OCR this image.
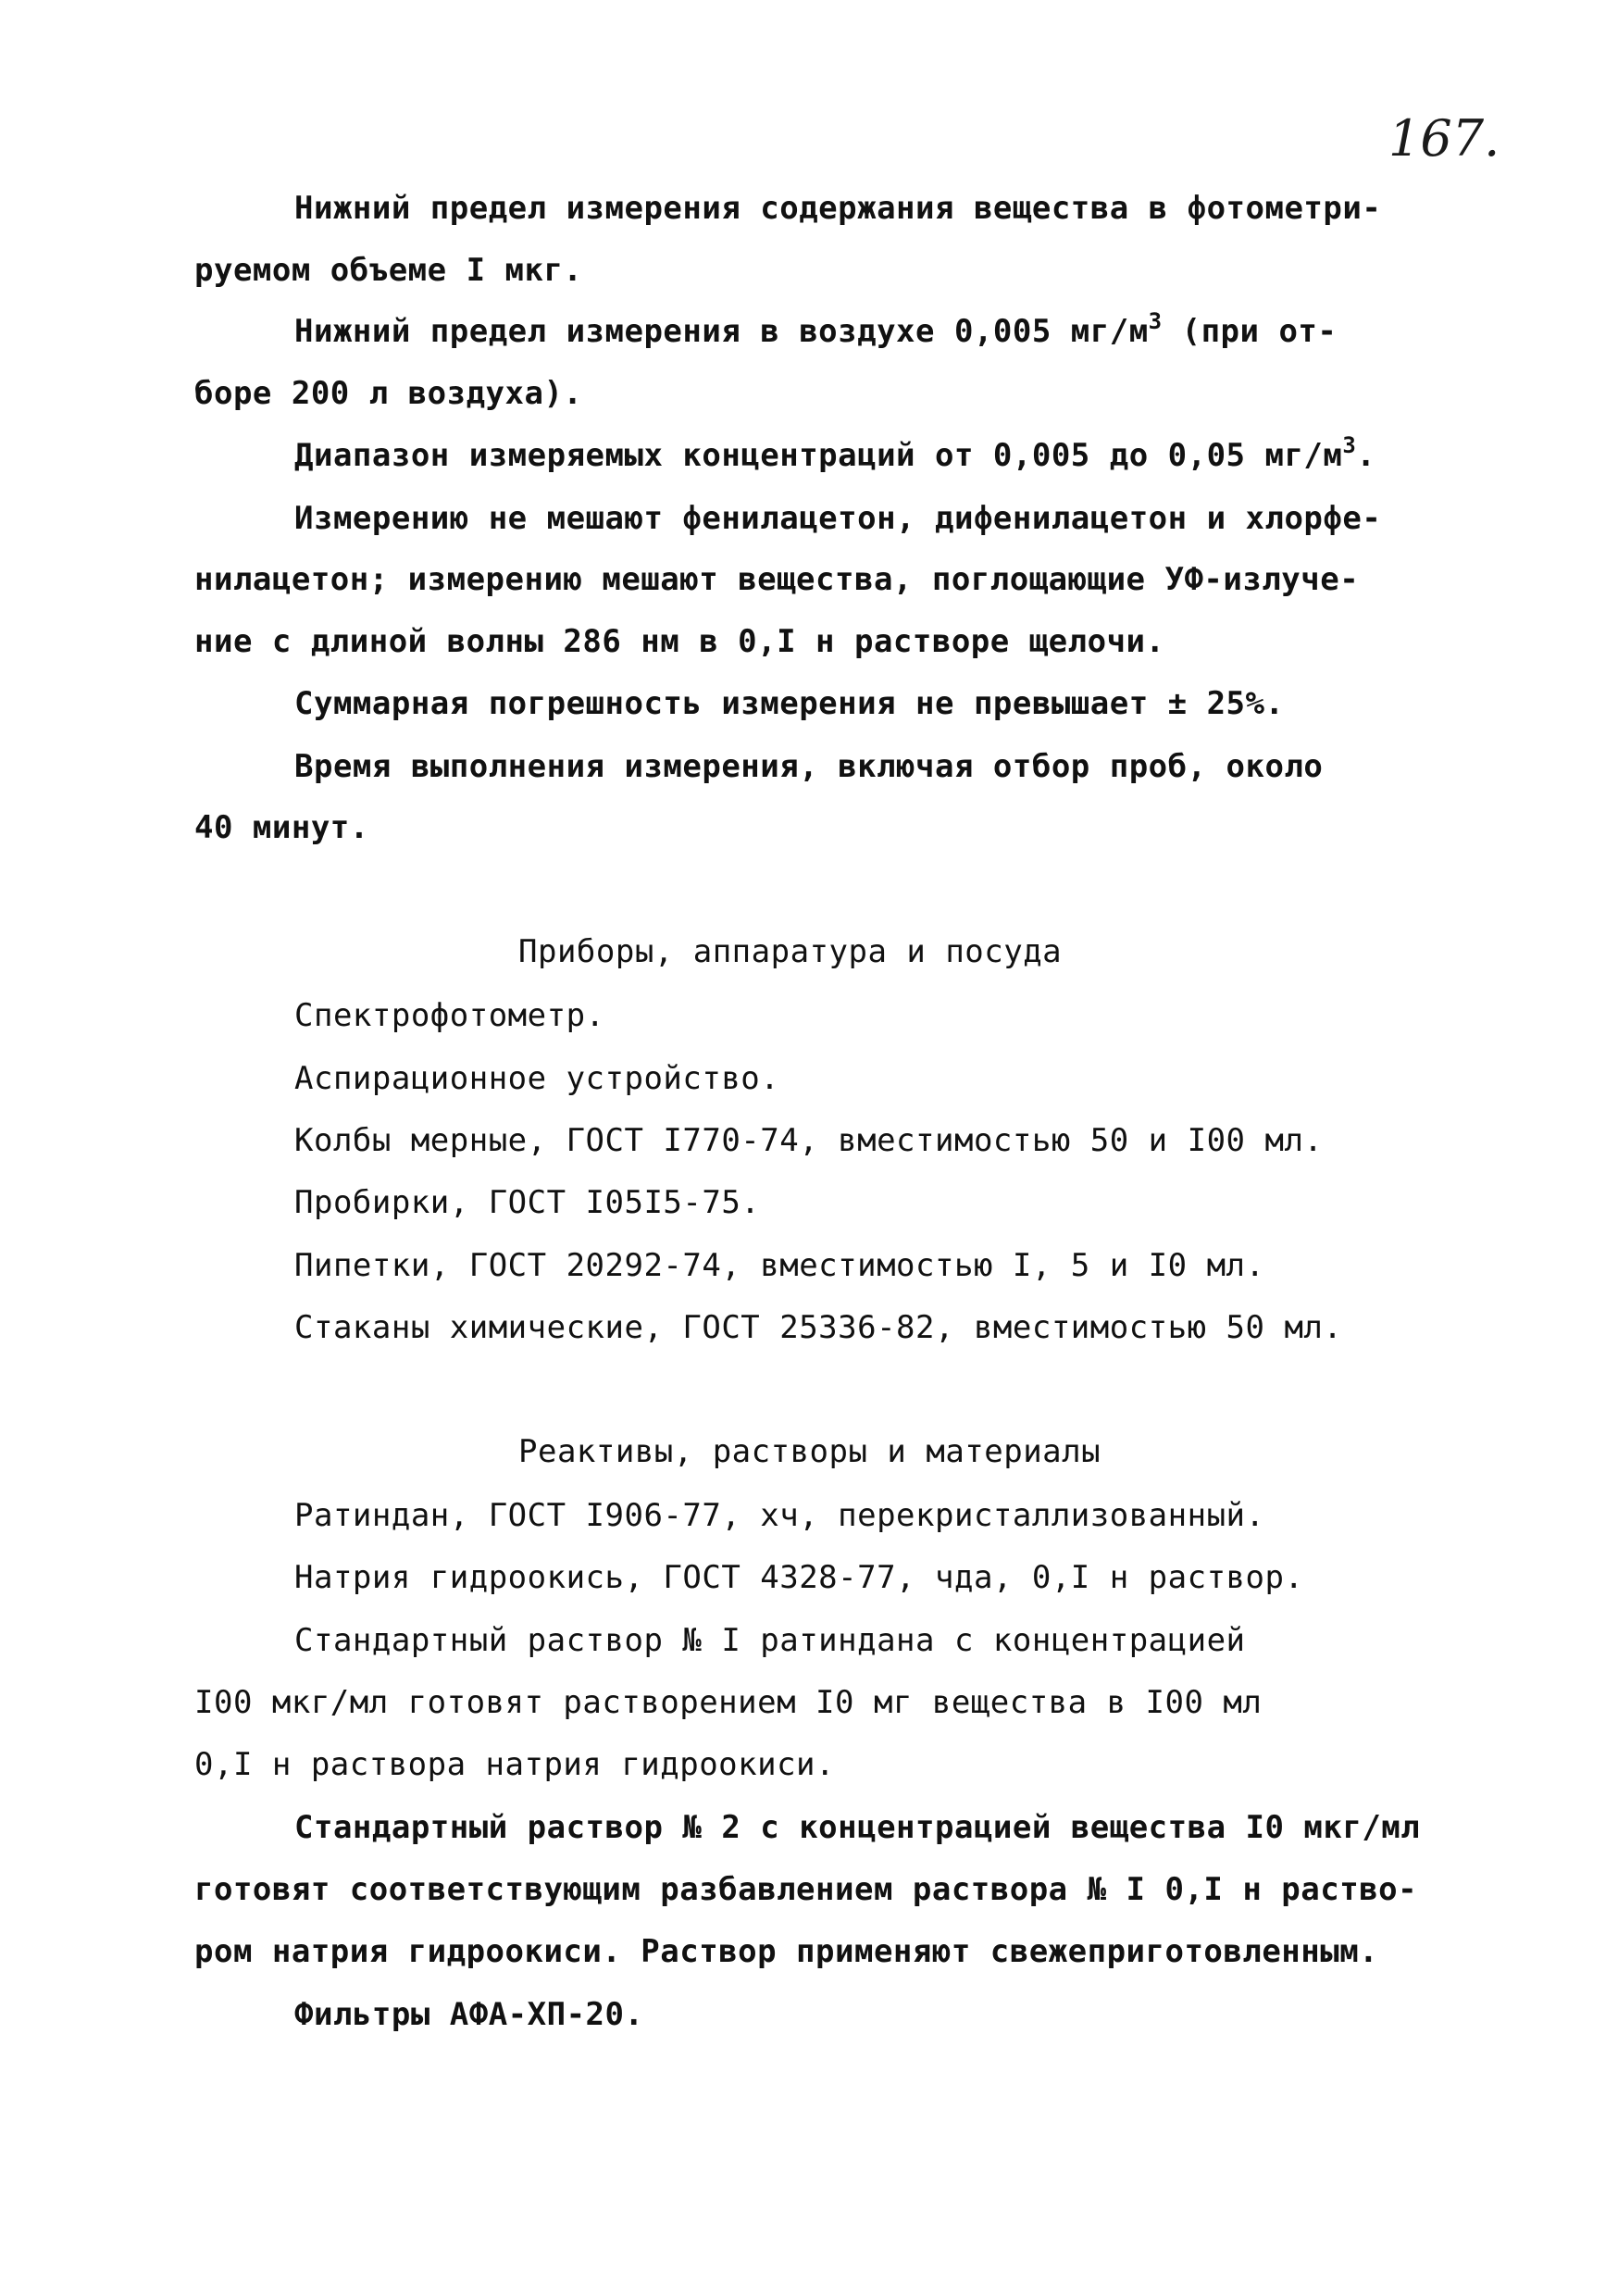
167.
Нижний предел измерения содержания вещества в фотометри-
руемом объеме I мкг.
Нижний предел измерения в воздухе 0,005 $мг/м^3$ (при от-
боре 200 л воздуха).
Диапазон измеряемых концентраций от 0,005 до 0,05 $мг/м^3$.
Измерению не мешают фенилацетон, дифенилацетон и хлорфе-
нилацетон; измерению мешают вещества, поглощающие УФ-излуче-
ние с длиной волны 286 нм в 0,I н растворе щелочи.
Суммарная погрешность измерения не превышает ± 25%.
Время выполнения измерения, включая отбор проб, около
40 минут.
Приборы, аппаратура и посуда
Спектрофотометр.
Аспирационное устройство.
Колбы мерные, ГОСТ I770-74, вместимостью 50 и I00 мл.
Пробирки, ГОСТ I05I5-75.
Пипетки, ГОСТ 20292-74, вместимостью I, 5 и I0 мл.
Стаканы химические, ГОСТ 25336-82, вместимостью 50 мл.
Реактивы, растворы и материалы
Ратиндан, ГОСТ I906-77, хч, перекристаллизованный.
Натрия гидроокись, ГОСТ 4328-77, чда, 0,I н раствор.
Стандартный раствор № I ратиндана с концентрацией
I00 мкг/мл готовят растворением I0 мг вещества в I00 мл
0,I н раствора натрия гидроокиси.
Стандартный раствор № 2 с концентрацией вещества I0 мкг/мл
готовят соответствующим разбавлением раствора № I 0,I н раство-
ром натрия гидроокиси. Раствор применяют свежеприготовленным.
Фильтры АФА-ХП-20.
